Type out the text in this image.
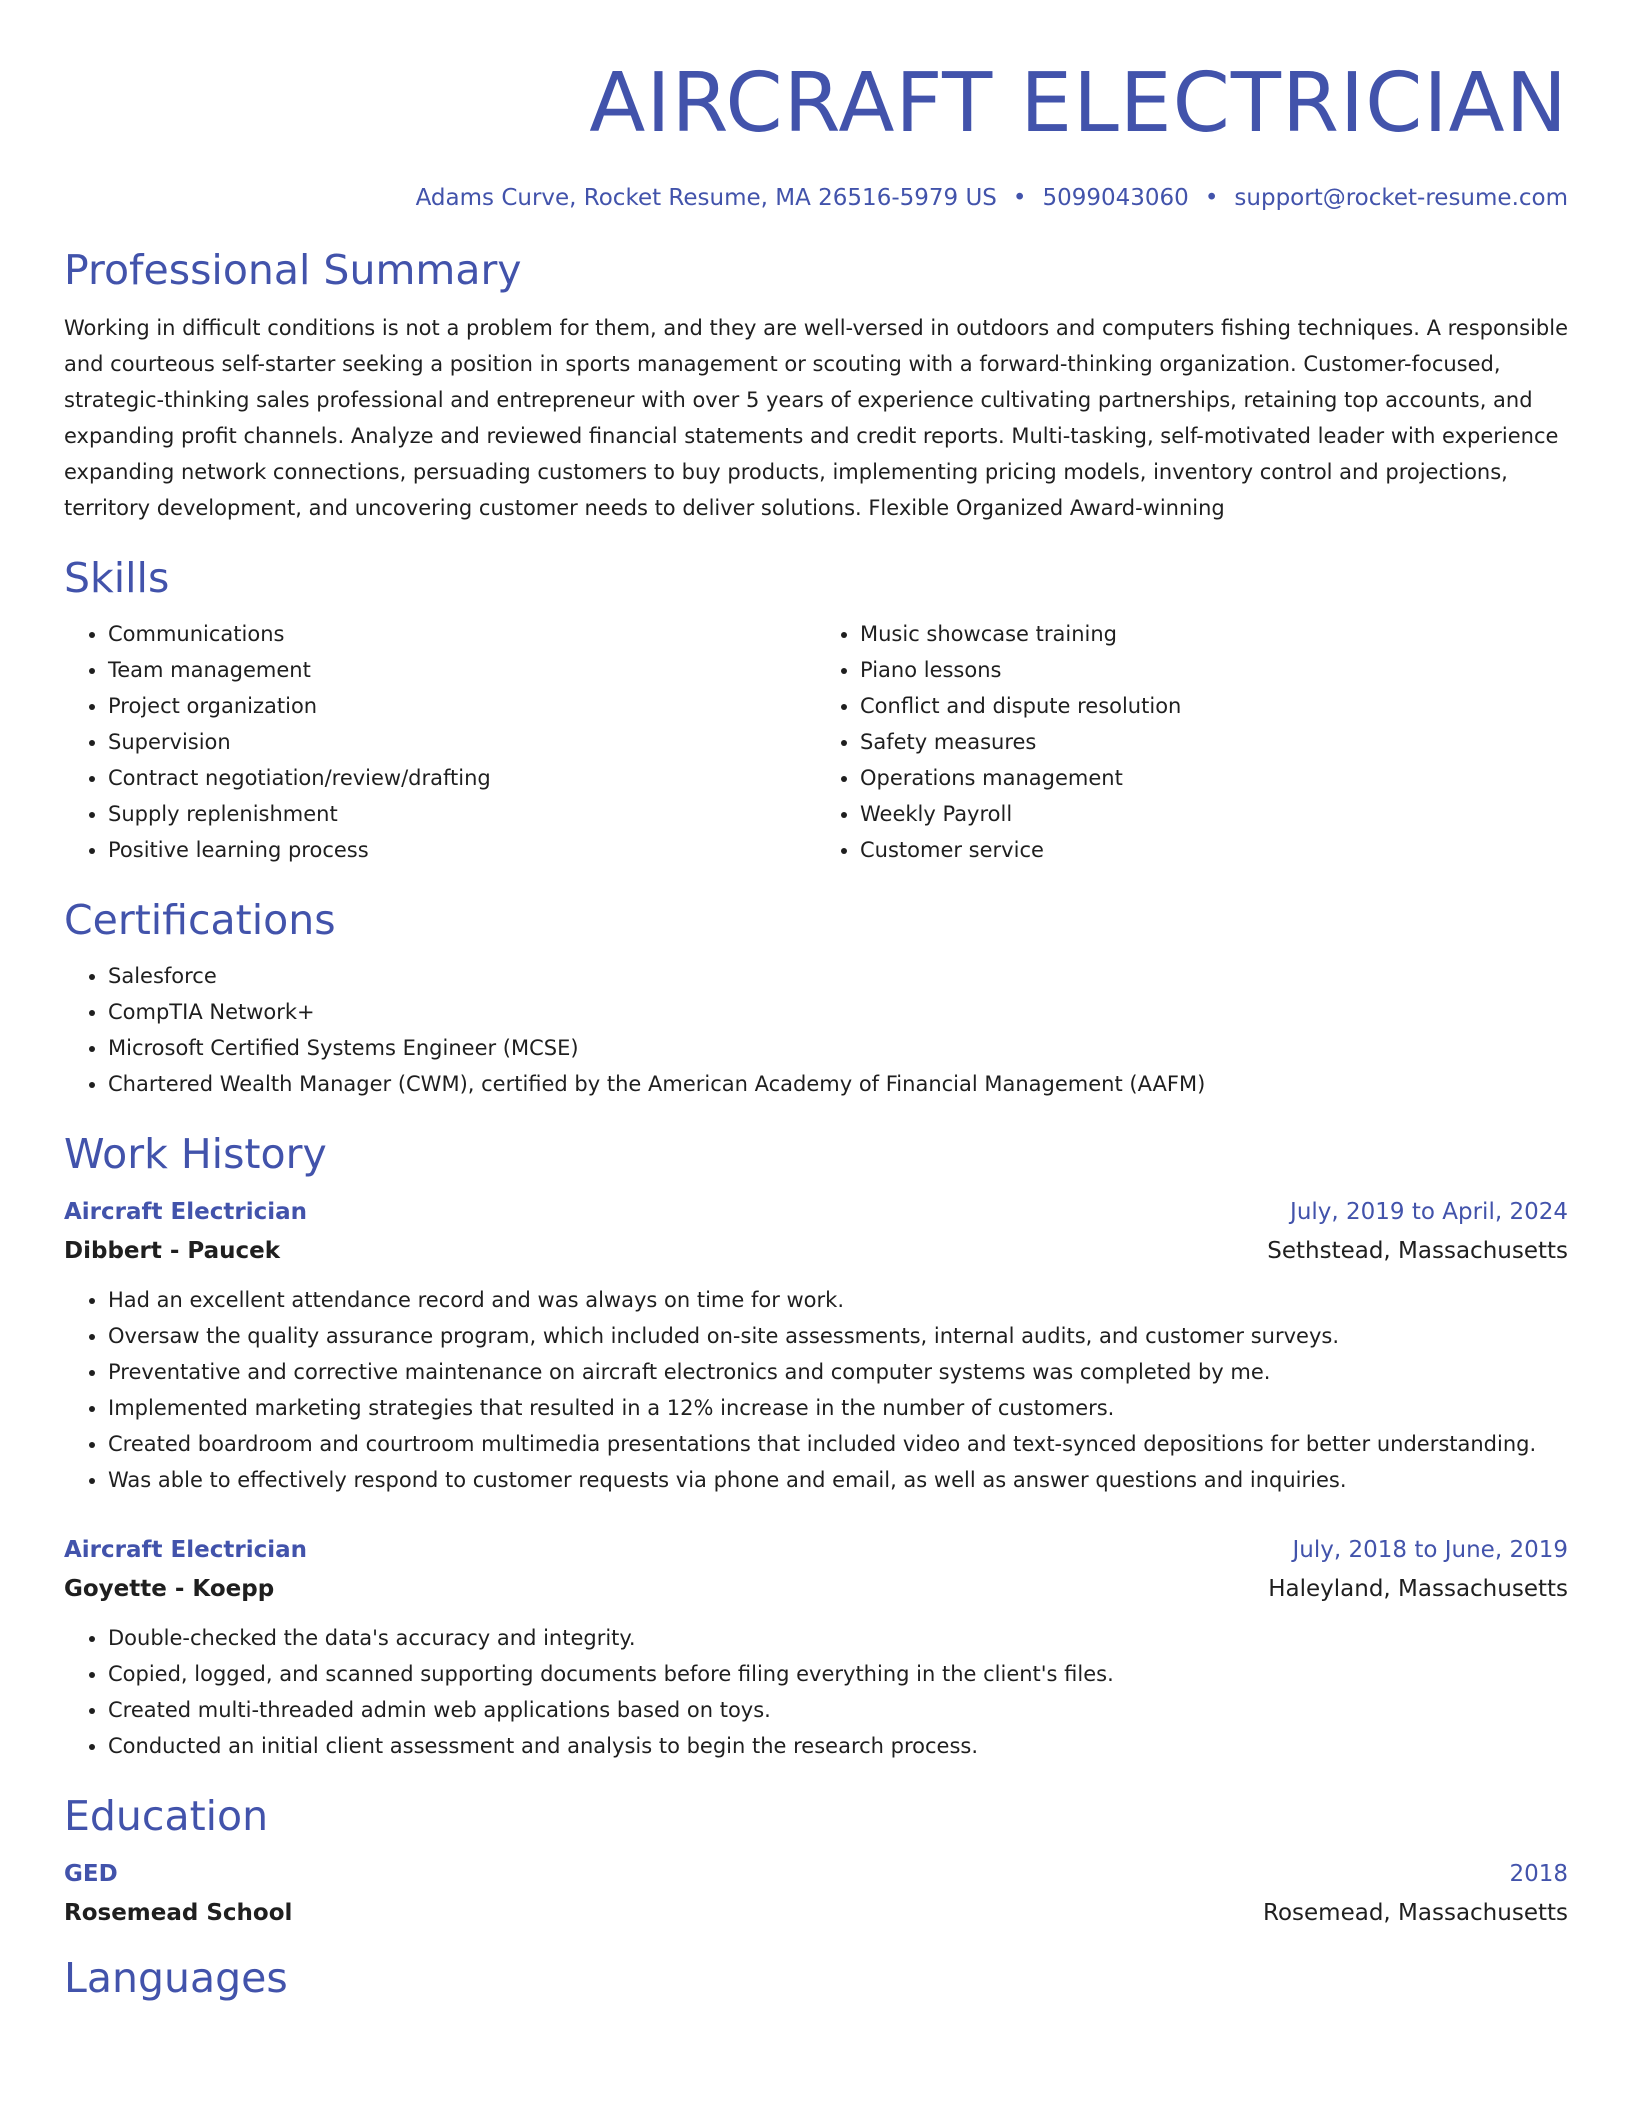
AIRCRAFT ELECTRICIAN
Adams Curve, Rocket Resume, MA 26516-5979 US • 5099043060 • support@rocket-resume.com
Professional Summary

Working in difficult conditions is not a problem for them, and they are well-versed in outdoors and computers fishing techniques. A responsible and courteous self-starter seeking a position in sports management or scouting with a forward-thinking organization. Customer-focused, strategic-thinking sales professional and entrepreneur with over 5 years of experience cultivating partnerships, retaining top accounts, and expanding profit channels. Analyze and reviewed financial statements and credit reports. Multi-tasking, self-motivated leader with experience expanding network connections, persuading customers to buy products, implementing pricing models, inventory control and projections, territory development, and uncovering customer needs to deliver solutions. Flexible Organized Award-winning

Skills
• Communications
• Team management
• Project organization
• Supervision
• Contract negotiation/review/drafting
• Supply replenishment
• Positive learning process
• Music showcase training
• Piano lessons
• Conflict and dispute resolution
• Safety measures
• Operations management
• Weekly Payroll
• Customer service
Certifications
• Salesforce
• CompTIA Network+
• Microsoft Certified Systems Engineer (MCSE)
• Chartered Wealth Manager (CWM), certified by the American Academy of Financial Management (AAFM)
Work History
Aircraft Electrician	July, 2019 to April, 2024
Dibbert - Paucek	Sethstead, Massachusetts
• Had an excellent attendance record and was always on time for work.
• Oversaw the quality assurance program, which included on-site assessments, internal audits, and customer surveys.
• Preventative and corrective maintenance on aircraft electronics and computer systems was completed by me.
• Implemented marketing strategies that resulted in a 12% increase in the number of customers.
• Created boardroom and courtroom multimedia presentations that included video and text-synced depositions for better understanding.
• Was able to effectively respond to customer requests via phone and email, as well as answer questions and inquiries.
Aircraft Electrician	July, 2018 to June, 2019
Goyette - Koepp	Haleyland, Massachusetts
• Double-checked the data's accuracy and integrity.
• Copied, logged, and scanned supporting documents before filing everything in the client's files.
• Created multi-threaded admin web applications based on toys.
• Conducted an initial client assessment and analysis to begin the research process.
Education
GED	2018
Rosemead School	Rosemead, Massachusetts
Languages
